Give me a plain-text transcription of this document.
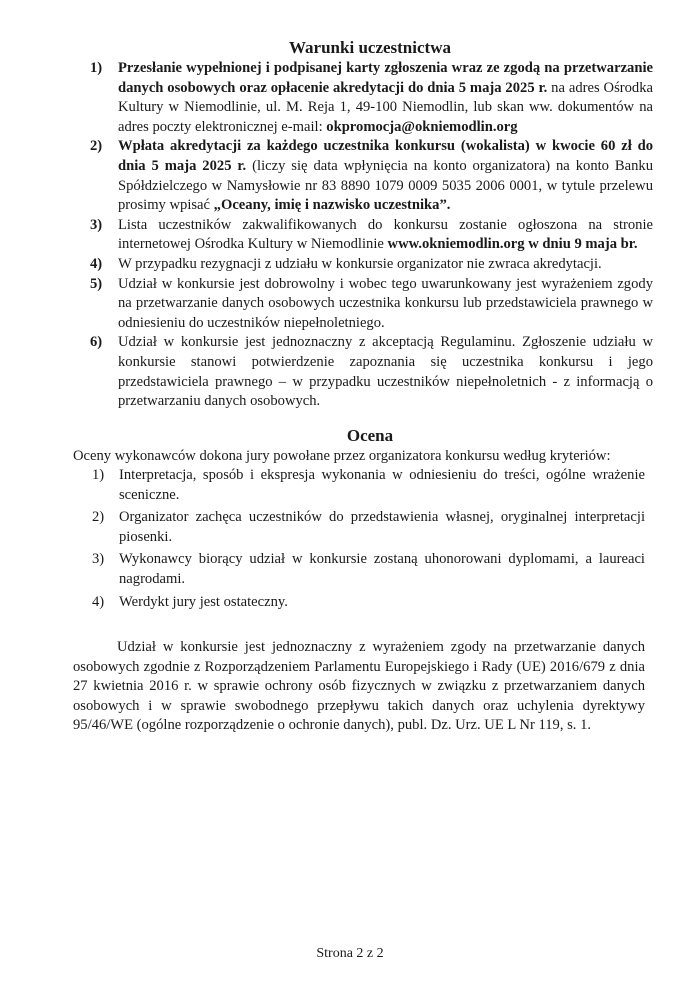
Warunki uczestnictwa
1) Przesłanie wypełnionej i podpisanej karty zgłoszenia wraz ze zgodą na przetwarzanie danych osobowych oraz opłacenie akredytacji do dnia 5 maja 2025 r. na adres Ośrodka Kultury w Niemodlinie, ul. M. Reja 1, 49-100 Niemodlin, lub skan ww. dokumentów na adres poczty elektronicznej e-mail: okpromocja@okniemodlin.org
2) Wpłata akredytacji za każdego uczestnika konkursu (wokalista) w kwocie 60 zł do dnia 5 maja 2025 r. (liczy się data wpłynięcia na konto organizatora) na konto Banku Spółdzielczego w Namysłowie nr 83 8890 1079 0009 5035 2006 0001, w tytule przelewu prosimy wpisać „Oceany, imię i nazwisko uczestnika”.
3) Lista uczestników zakwalifikowanych do konkursu zostanie ogłoszona na stronie internetowej Ośrodka Kultury w Niemodlinie www.okniemodlin.org w dniu 9 maja br.
4) W przypadku rezygnacji z udziału w konkursie organizator nie zwraca akredytacji.
5) Udział w konkursie jest dobrowolny i wobec tego uwarunkowany jest wyrażeniem zgody na przetwarzanie danych osobowych uczestnika konkursu lub przedstawiciela prawnego w odniesieniu do uczestników niepełnoletniego.
6) Udział w konkursie jest jednoznaczny z akceptacją Regulaminu. Zgłoszenie udziału w konkursie stanowi potwierdzenie zapoznania się uczestnika konkursu i jego przedstawiciela prawnego – w przypadku uczestników niepełnoletnich - z informacją o przetwarzaniu danych osobowych.
Ocena

Oceny wykonawców dokona jury powołane przez organizatora konkursu według kryteriów:

1) Interpretacja, sposób i ekspresja wykonania w odniesieniu do treści, ogólne wrażenie sceniczne.
2) Organizator zachęca uczestników do przedstawienia własnej, oryginalnej interpretacji piosenki.
3) Wykonawcy biorący udział w konkursie zostaną uhonorowani dyplomami, a laureaci nagrodami.
4) Werdykt jury jest ostateczny.

Udział w konkursie jest jednoznaczny z wyrażeniem zgody na przetwarzanie danych osobowych zgodnie z Rozporządzeniem Parlamentu Europejskiego i Rady (UE) 2016/679 z dnia 27 kwietnia 2016 r. w sprawie ochrony osób fizycznych w związku z przetwarzaniem danych osobowych i w sprawie swobodnego przepływu takich danych oraz uchylenia dyrektywy 95/46/WE (ogólne rozporządzenie o ochronie danych), publ. Dz. Urz. UE L Nr 119, s. 1.

Strona 2 z 2
